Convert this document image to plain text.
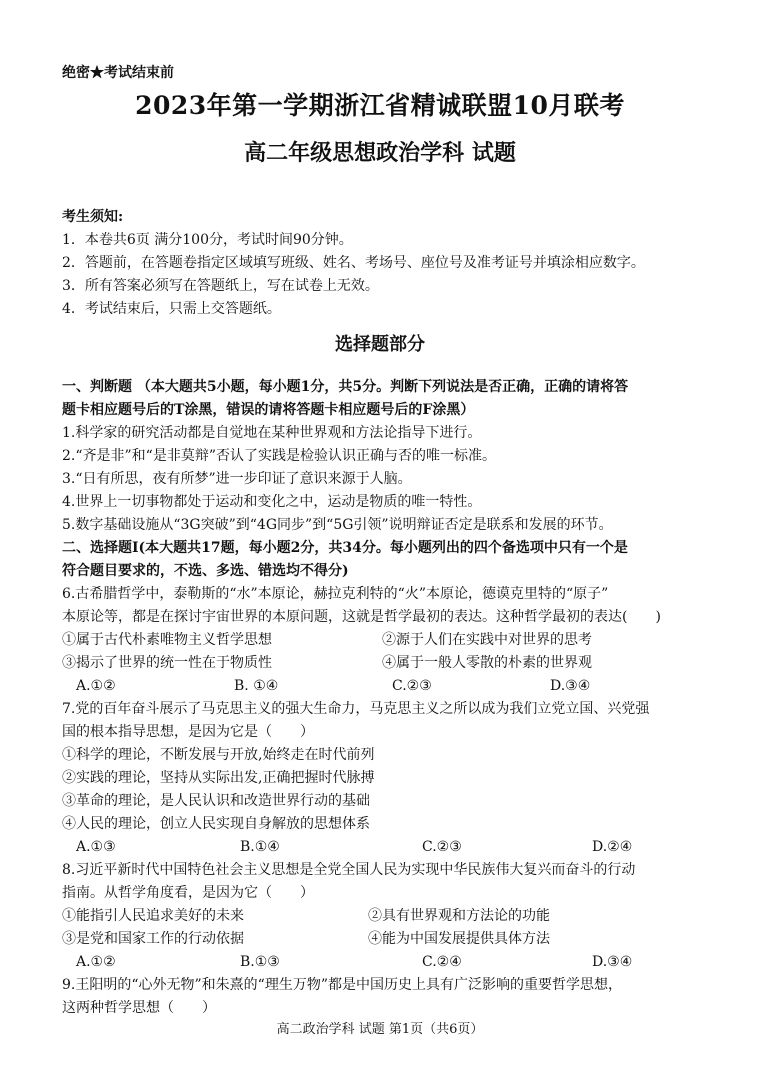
绝密★考试结束前
2023年第一学期浙江省精诚联盟10月联考
高二年级思想政治学科 试题
考生须知:
1．本卷共6页 满分100分，考试时间90分钟。
2．答题前，在答题卷指定区域填写班级、姓名、考场号、座位号及准考证号并填涂相应数字。
3．所有答案必须写在答题纸上，写在试卷上无效。
4．考试结束后，只需上交答题纸。
选择题部分
一、判断题 （本大题共5小题，每小题1分，共5分。判断下列说法是否正确，正确的请将答
题卡相应题号后的T涂黑，错误的请将答题卡相应题号后的F涂黑）
1.科学家的研究活动都是自觉地在某种世界观和方法论指导下进行。
2.“齐是非”和“是非莫辩”否认了实践是检验认识正确与否的唯一标准。
3.“日有所思，夜有所梦”进一步印证了意识来源于人脑。
4.世界上一切事物都处于运动和变化之中，运动是物质的唯一特性。
5.数字基础设施从“3G突破”到“4G同步”到“5G引领”说明辩证否定是联系和发展的环节。
二、选择题Ⅰ(本大题共17题，每小题2分，共34分。每小题列出的四个备选项中只有一个是
符合题目要求的，不选、多选、错选均不得分)
6.古希腊哲学中，泰勒斯的“水”本原论，赫拉克利特的“火”本原论，德谟克里特的“原子”
本原论等，都是在探讨宇宙世界的本原问题，这就是哲学最初的表达。这种哲学最初的表达(　　)
①属于古代朴素唯物主义哲学思想	②源于人们在实践中对世界的思考
③揭示了世界的统一性在于物质性	④属于一般人零散的朴素的世界观
A.①②	B. ①④	C.②③	D.③④
7.党的百年奋斗展示了马克思主义的强大生命力，马克思主义之所以成为我们立党立国、兴党强
国的根本指导思想，是因为它是（　　）
①科学的理论，不断发展与开放,始终走在时代前列
②实践的理论，坚持从实际出发,正确把握时代脉搏
③革命的理论，是人民认识和改造世界行动的基础
④人民的理论，创立人民实现自身解放的思想体系
A.①③	B.①④	C.②③	D.②④
8.习近平新时代中国特色社会主义思想是全党全国人民为实现中华民族伟大复兴而奋斗的行动
指南。从哲学角度看，是因为它（　　）
①能指引人民追求美好的未来	②具有世界观和方法论的功能
③是党和国家工作的行动依据	④能为中国发展提供具体方法
A.①②	B.①③	C.②④	D.③④
9.王阳明的“心外无物”和朱熹的“理生万物”都是中国历史上具有广泛影响的重要哲学思想，
这两种哲学思想（　　）
高二政治学科 试题 第1页（共6页）
